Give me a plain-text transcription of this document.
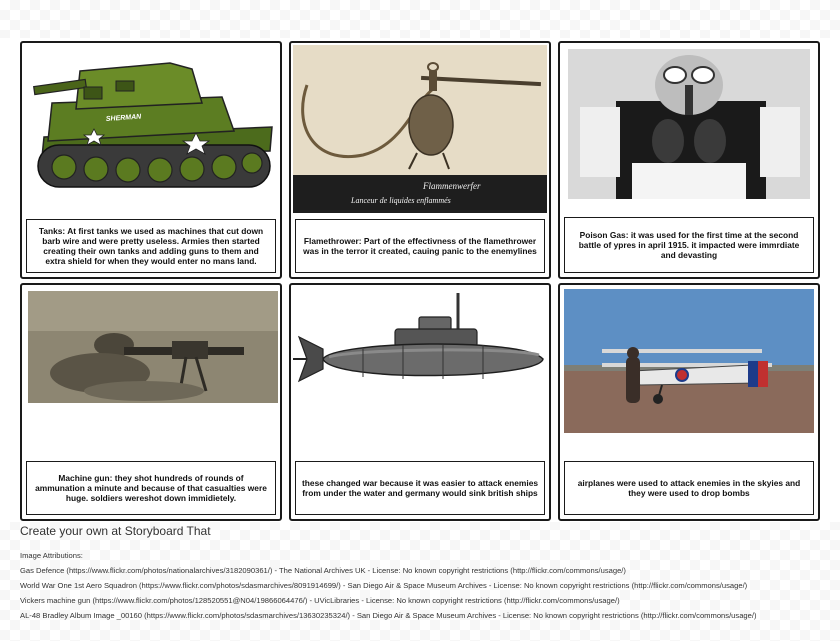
SHERMAN
Tanks: At first tanks we used as machines that cut down barb wire and were pretty useless. Armies then started creating their own tanks and adding guns to them and extra shield for when they would enter no mans land.
Flammenwerfer
Lanceur de liquides enflammés
Flamethrower: Part of the effectivness of the flamethrower was in the terror it created, cauing panic to the enemylines
Poison Gas: it was used for the first time at the second battle of ypres in april 1915. it impacted were immrdiate and devasting
Machine gun: they shot hundreds of rounds of ammunation a minute and because of that casualties were huge. soldiers wereshot down immidietely.
these changed war because it was easier to attack enemies from under the water and germany would sink british ships
airplanes were used to attack enemies in the skyies and they were used to drop bombs
Create your own at Storyboard That
Image Attributions:
Gas Defence (https://www.flickr.com/photos/nationalarchives/3182090361/) - The National Archives UK - License: No known copyright restrictions (http://flickr.com/commons/usage/)
World War One 1st Aero Squadron (https://www.flickr.com/photos/sdasmarchives/8091914699/) - San Diego Air & Space Museum Archives - License: No known copyright restrictions (http://flickr.com/commons/usage/)
Vickers machine gun (https://www.flickr.com/photos/128520551@N04/19866064476/) - UVicLibraries - License: No known copyright restrictions (http://flickr.com/commons/usage/)
AL-48 Bradley Album Image _00160 (https://www.flickr.com/photos/sdasmarchives/13630235324/) - San Diego Air & Space Museum Archives - License: No known copyright restrictions (http://flickr.com/commons/usage/)
